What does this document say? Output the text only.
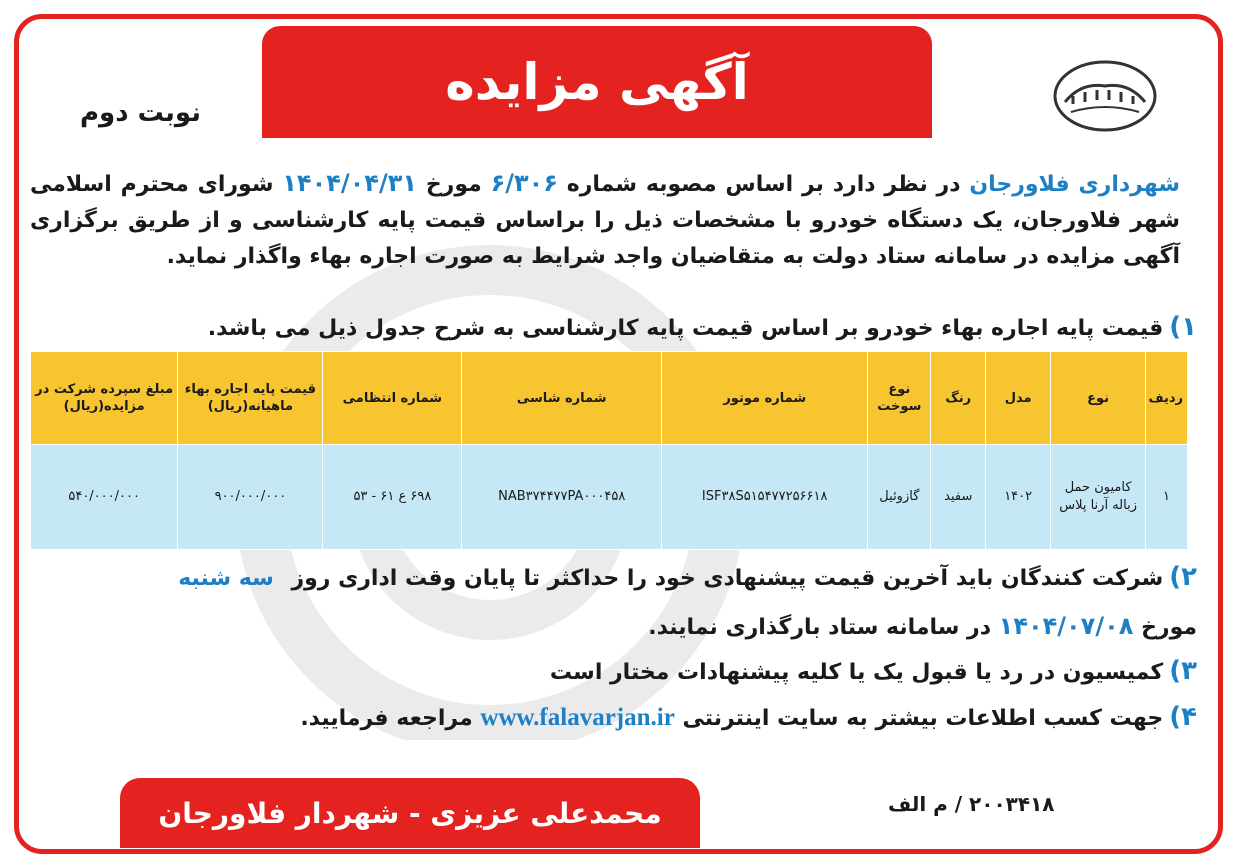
آگهی مزایده
نوبت دوم
شهرداری فلاورجان در نظر دارد بر اساس مصوبه شماره ۶/۳۰۶ مورخ ۱۴۰۴/۰۴/۳۱ شورای محترم اسلامی شهر فلاورجان، یک دستگاه خودرو با مشخصات ذیل را براساس قیمت پایه کارشناسی و از طریق برگزاری آگهی مزایده در سامانه ستاد دولت به متقاضیان واجد شرایط به صورت اجاره بهاء واگذار نماید.
۱)قیمت پایه اجاره بهاء خودرو بر اساس قیمت پایه کارشناسی به شرح جدول ذیل می باشد.
ردیف	نوع	مدل	رنگ	نوع سوخت	شماره موتور	شماره شاسی	شماره انتظامی	قیمت پایه اجاره بهاء ماهیانه(ریال)	مبلغ سپرده شرکت در مزایده(ریال)
۱	کامیون حمل زباله آرنا پلاس	۱۴۰۲	سفید	گازوئیل	ISF۳۸S۵۱۵۴۷۷۲۵۶۶۱۸	NAB۳۷۴۴۷۷PA۰۰۰۴۵۸	۶۹۸ ع ۶۱ - ۵۳	۹۰۰/۰۰۰/۰۰۰	۵۴۰/۰۰۰/۰۰۰
۲)شرکت کنندگان باید آخرین قیمت پیشنهادی خود را حداکثر تا پایان وقت اداری روز سه شنبه
مورخ ۱۴۰۴/۰۷/۰۸ در سامانه ستاد بارگذاری نمایند.
۳)کمیسیون در رد یا قبول یک یا کلیه پیشنهادات مختار است
۴)جهت کسب اطلاعات بیشتر به سایت اینترنتی www.falavarjan.ir مراجعه فرمایید.
محمدعلی عزیزی - شهردار فلاورجان	۲۰۰۳۴۱۸ / م الف
